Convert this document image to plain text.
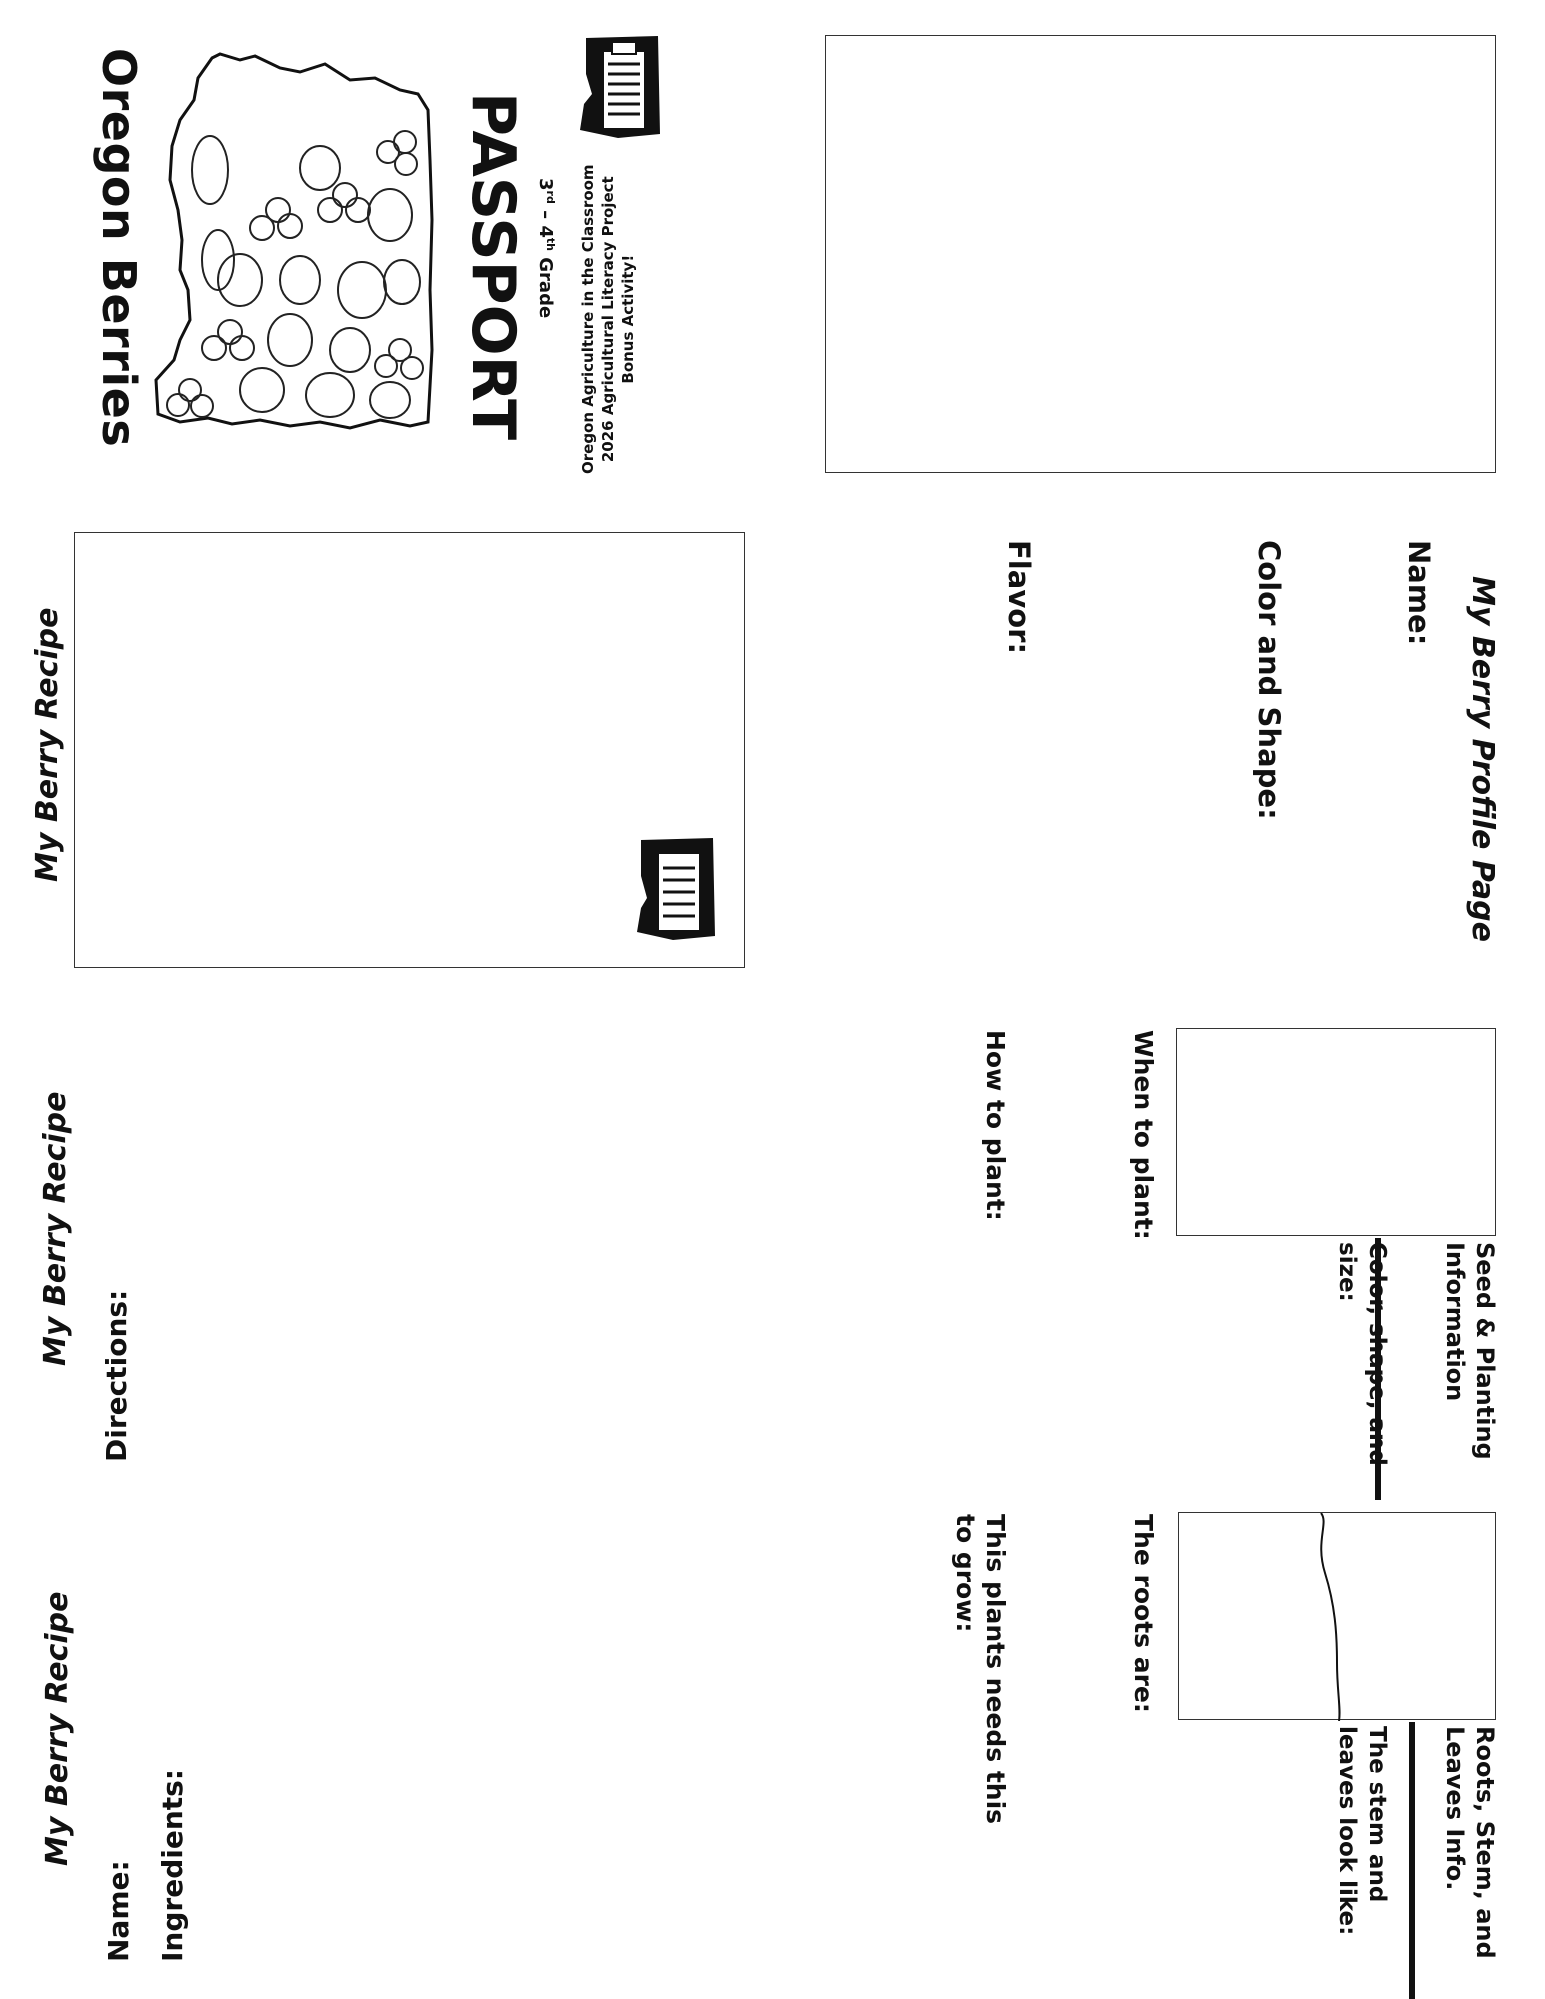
Oregon Berries	PASSPORT 3rd – 4th Grade
Oregon Agriculture in the Classroom
2026 Agricultural Literacy Project
Bonus Activity!
My Berry Recipe
My Berry Recipe
Directions:
My Berry Recipe
Name: Ingredients:
My Berry Profile Page
Name:
Color and Shape:
Flavor:
Seed & Planting
Information
Color, shape, and
size:
When to plant:
How to plant:
Roots, Stem, and
Leaves Info.
The stem and
leaves look like:
The roots are:
This plants needs this
to grow:
